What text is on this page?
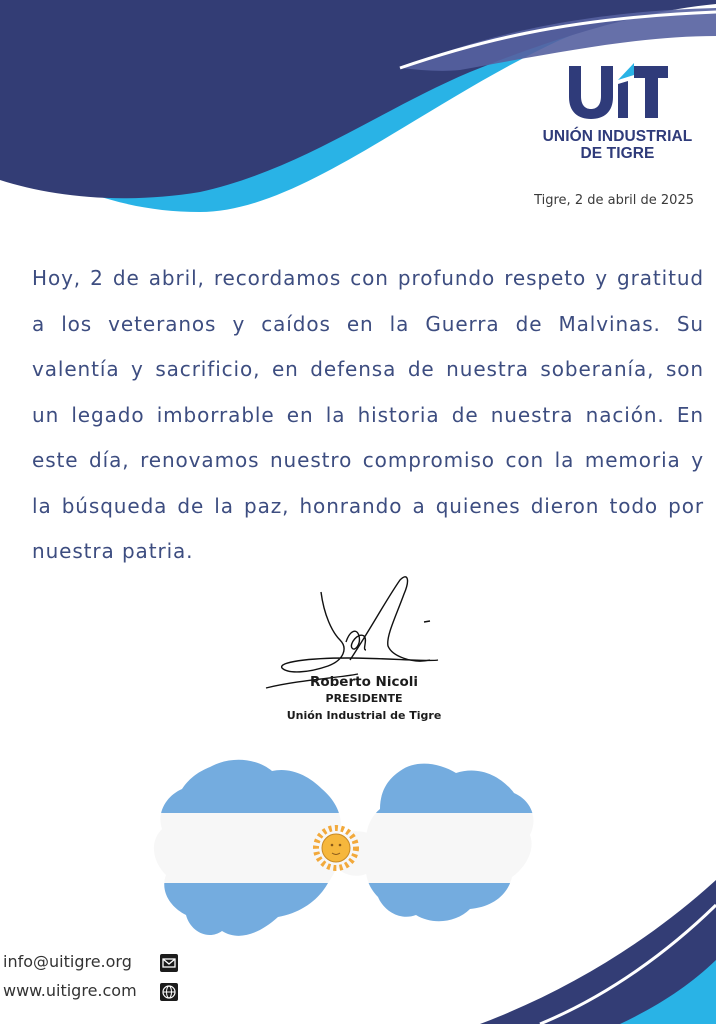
UNIÓN INDUSTRIAL
DE TIGRE
Tigre, 2 de abril de 2025

Hoy, 2 de abril, recordamos con profundo respeto y gratitud a los veteranos y caídos en la Guerra de Malvinas. Su valentía y sacrificio, en defensa de nuestra soberanía, son un legado imborrable en la historia de nuestra nación. En este día, renovamos nuestro compromiso con la memoria y la búsqueda de la paz, honrando a quienes dieron todo por nuestra patria.

Roberto Nicoli
PRESIDENTE
Unión Industrial de Tigre
info@uitigre.org
www.uitigre.com
